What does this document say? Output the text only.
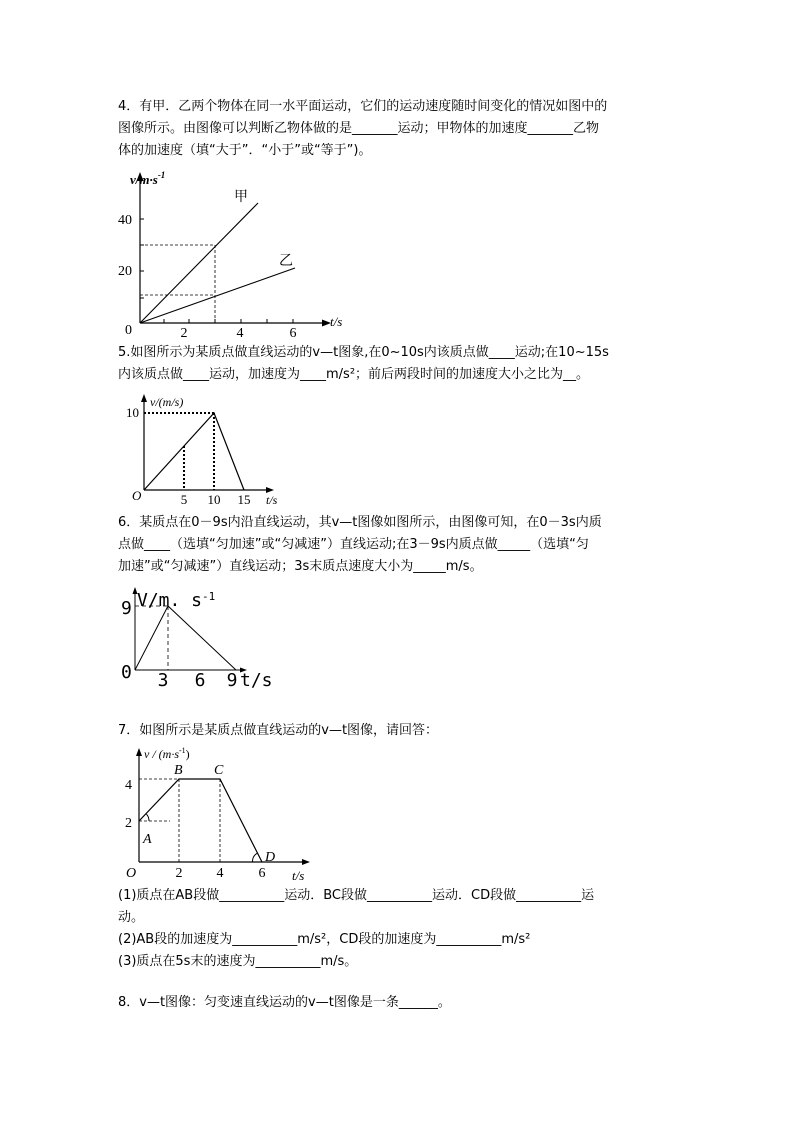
4．有甲．乙两个物体在同一水平面运动，它们的运动速度随时间变化的情况如图中的
图像所示。由图像可以判断乙物体做的是_______运动；甲物体的加速度_______乙物
体的加速度（填“大于”．“小于”或“等于”)。
$v/m\cdot s^{-1}$
t/s
0	2	4	6
20
40
甲
乙
5.如图所示为某质点做直线运动的v—t图象,在0~10s内该质点做____运动;在10~15s
内该质点做____运动，加速度为____m/s²；前后两段时间的加速度大小之比为__。
v/(m/s)
t/s
O
10
5 10 15
6．某质点在0－9s内沿直线运动，其v—t图像如图所示，由图像可知，在0－3s内质
点做____（选填“匀加速”或“匀减速”）直线运动;在3－9s内质点做_____（选填“匀
加速”或“匀减速”）直线运动；3s末质点速度大小为_____m/s。
V/m. $s^{-1}$
9
0 3 6 9 t/s
7．如图所示是某质点做直线运动的v—t图像，请回答：
$v / (m\cdot s^{-1})$
4
2
O	2 4	6 t/s
A
B C
D
(1)质点在AB段做__________运动．BC段做__________运动．CD段做__________运
动。
(2)AB段的加速度为__________m/s²，CD段的加速度为__________m/s²
(3)质点在5s末的速度为__________m/s。
8．v—t图像：匀变速直线运动的v—t图像是一条______。
